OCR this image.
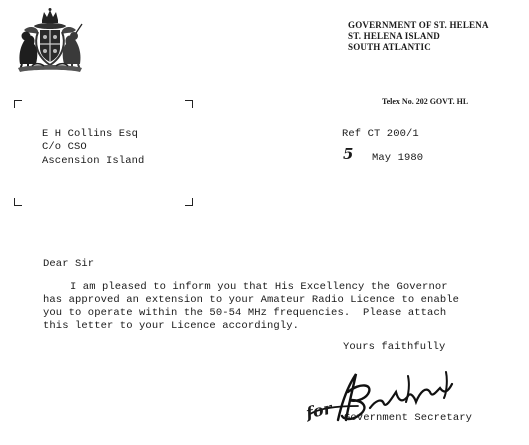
GOVERNMENT OF ST. HELENA
ST. HELENA ISLAND
SOUTH ATLANTIC
Telex No. 202 GOVT. HL
E H Collins Esq
C/o CSO
Ascension Island
Ref CT 200/1
5 May 1980
Dear Sir
I am pleased to inform you that His Excellency the Governor
has approved an extension to your Amateur Radio Licence to enable
you to operate within the 50-54 MHz frequencies.  Please attach
this letter to your Licence accordingly.
Yours faithfully
for Government Secretary
